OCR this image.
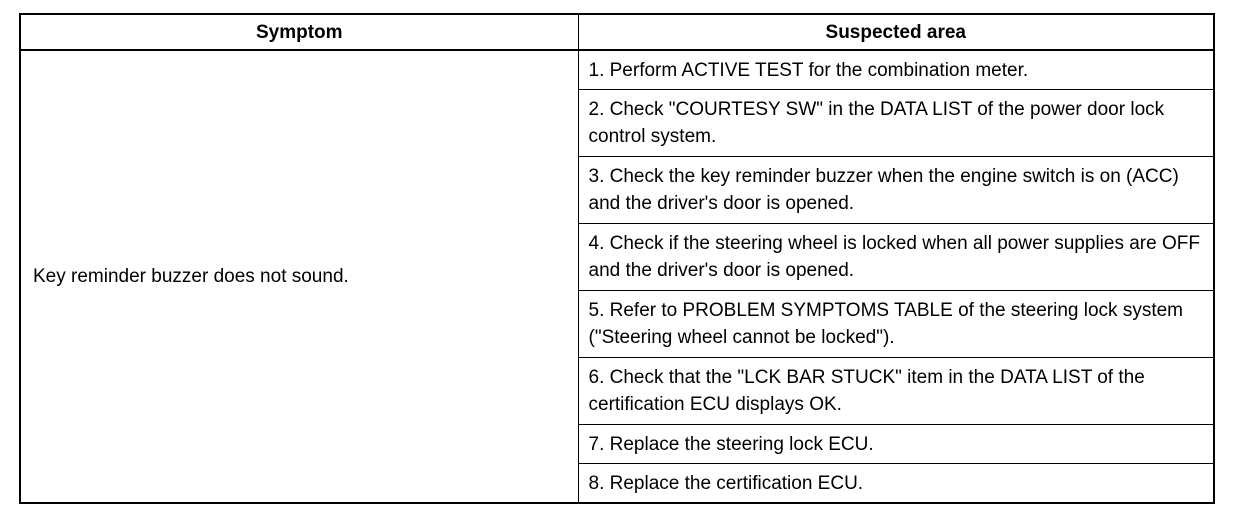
Symptom	Suspected area
Key reminder buzzer does not sound.	1. Perform ACTIVE TEST for the combination meter.
	2. Check "COURTESY SW" in the DATA LIST of the power door lock control system.
	3. Check the key reminder buzzer when the engine switch is on (ACC) and the driver's door is opened.
	4. Check if the steering wheel is locked when all power supplies are OFF and the driver's door is opened.
	5. Refer to PROBLEM SYMPTOMS TABLE of the steering lock system ("Steering wheel cannot be locked").
	6. Check that the "LCK BAR STUCK" item in the DATA LIST of the certification ECU displays OK.
	7. Replace the steering lock ECU.
	8. Replace the certification ECU.
